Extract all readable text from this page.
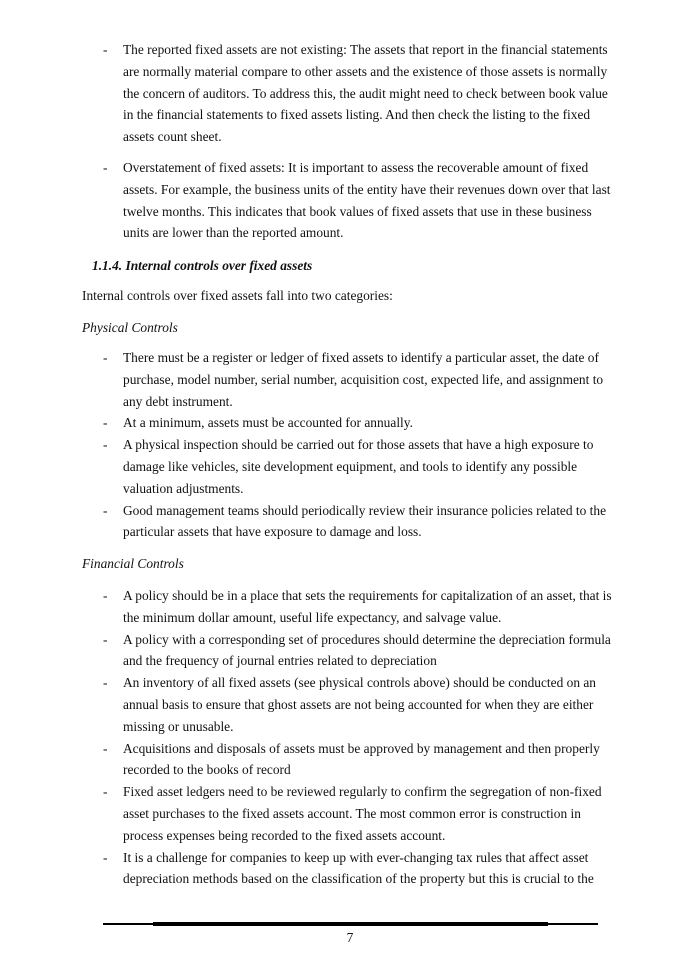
- The reported fixed assets are not existing: The assets that report in the financial statements are normally material compare to other assets and the existence of those assets is normally the concern of auditors. To address this, the audit might need to check between book value in the financial statements to fixed assets listing. And then check the listing to the fixed assets count sheet.
- Overstatement of fixed assets: It is important to assess the recoverable amount of fixed assets. For example, the business units of the entity have their revenues down over that last twelve months. This indicates that book values of fixed assets that use in these business units are lower than the reported amount.
1.1.4. Internal controls over fixed assets
Internal controls over fixed assets fall into two categories:
Physical Controls
- There must be a register or ledger of fixed assets to identify a particular asset, the date of purchase, model number, serial number, acquisition cost, expected life, and assignment to any debt instrument.
- At a minimum, assets must be accounted for annually.
- A physical inspection should be carried out for those assets that have a high exposure to damage like vehicles, site development equipment, and tools to identify any possible valuation adjustments.
- Good management teams should periodically review their insurance policies related to the particular assets that have exposure to damage and loss.
Financial Controls
- A policy should be in a place that sets the requirements for capitalization of an asset, that is the minimum dollar amount, useful life expectancy, and salvage value.
- A policy with a corresponding set of procedures should determine the depreciation formula and the frequency of journal entries related to depreciation
- An inventory of all fixed assets (see physical controls above) should be conducted on an annual basis to ensure that ghost assets are not being accounted for when they are either missing or unusable.
- Acquisitions and disposals of assets must be approved by management and then properly recorded to the books of record
- Fixed asset ledgers need to be reviewed regularly to confirm the segregation of non-fixed asset purchases to the fixed assets account. The most common error is construction in process expenses being recorded to the fixed assets account.
- It is a challenge for companies to keep up with ever-changing tax rules that affect asset depreciation methods based on the classification of the property but this is crucial to the
7
